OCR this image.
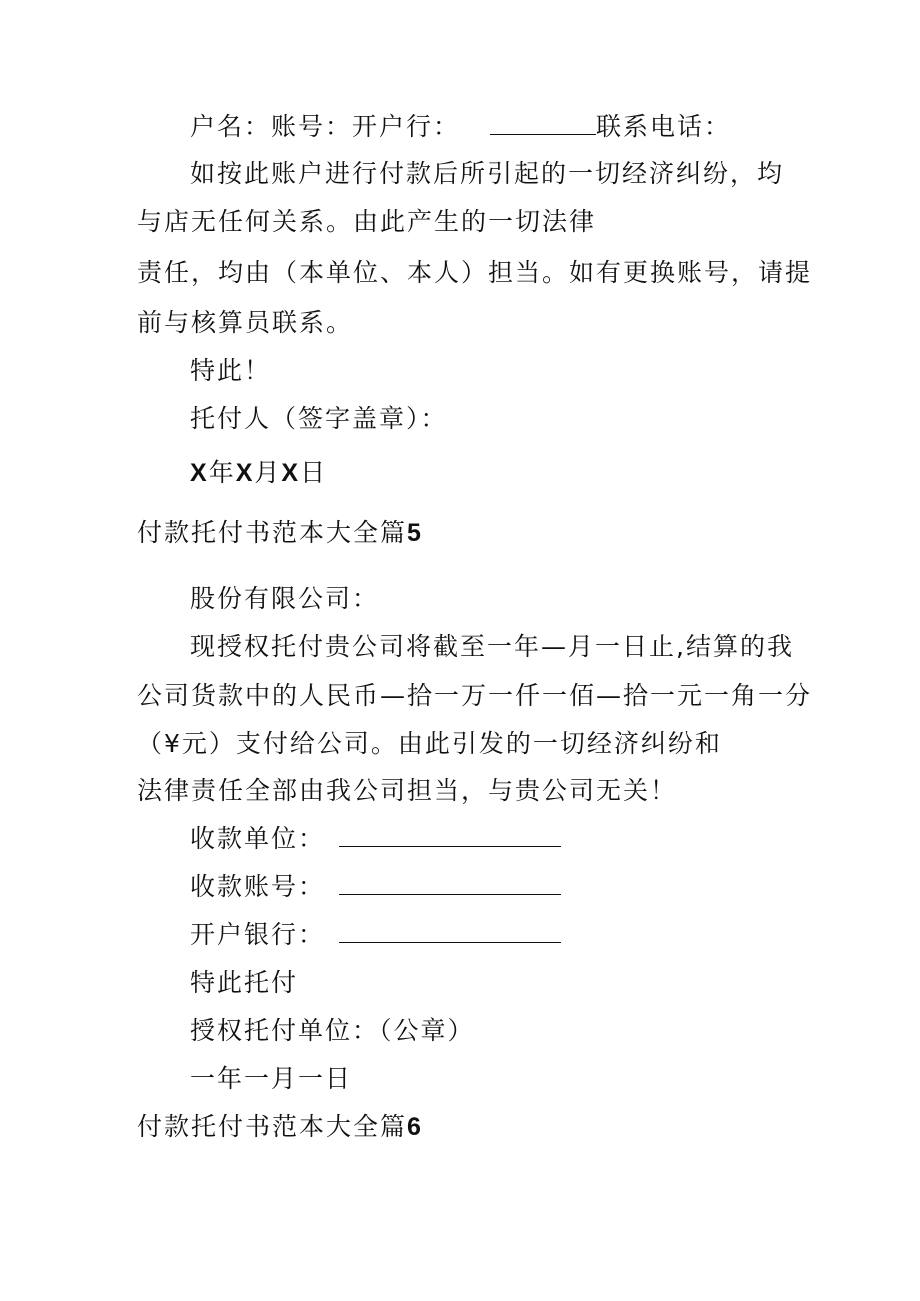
户名：账号：开户行：	联系电话：
如按此账户进行付款后所引起的一切经济纠纷，均
与店无任何关系。由此产生的一切法律
责任，均由（本单位、本人）担当。如有更换账号，请提
前与核算员联系。
特此！
托付人（签字盖章）：
X年X月X日
付款托付书范本大全篇5
股份有限公司：
现授权托付贵公司将截至一年—月一日止,结算的我
公司货款中的人民币—拾一万一仟一佰—拾一元一角一分
（¥元）支付给公司。由此引发的一切经济纠纷和
法律责任全部由我公司担当，与贵公司无关！
收款单位：
收款账号：
开户银行：
特此托付
授权托付单位：（公章）
一年一月一日
付款托付书范本大全篇6
